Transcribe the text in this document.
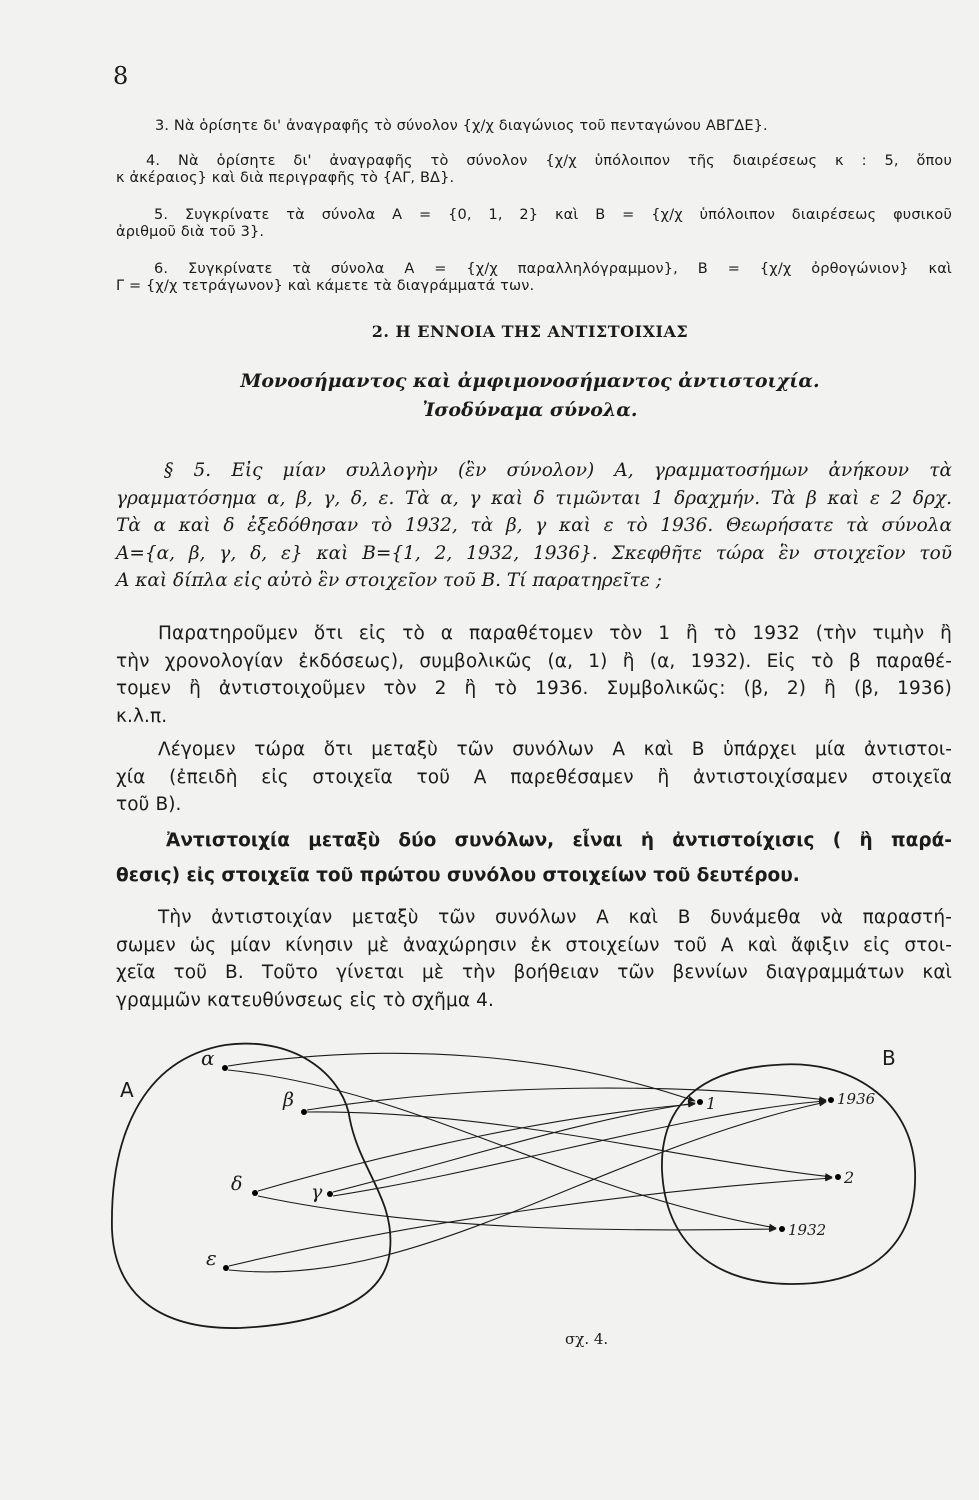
8
3. Νὰ ὁρίσητε δι' ἀναγραφῆς τὸ σύνολον {χ/χ διαγώνιος τοῦ πενταγώνου ΑΒΓΔΕ}.
4. Νὰ ὁρίσητε δι' ἀναγραφῆς τὸ σύνολον {χ/χ ὑπόλοιπον τῆς διαιρέσεως κ : 5, ὅπου
κ ἀκέραιος} καὶ διὰ περιγραφῆς τὸ {ΑΓ, ΒΔ}.
5. Συγκρίνατε τὰ σύνολα Α = {0, 1, 2} καὶ Β = {χ/χ ὑπόλοιπον διαιρέσεως φυσικοῦ
ἀριθμοῦ διὰ τοῦ 3}.
6. Συγκρίνατε τὰ σύνολα Α = {χ/χ παραλληλόγραμμον}, Β = {χ/χ ὀρθογώνιον} καὶ
Γ = {χ/χ τετράγωνον} καὶ κάμετε τὰ διαγράμματά των.
2. Η ΕΝΝΟΙΑ ΤΗΣ ΑΝΤΙΣΤΟΙΧΙΑΣ
Μονοσήμαντος καὶ ἀμφιμονοσήμαντος ἀντιστοιχία.
Ἰσοδύναμα σύνολα.
§ 5. Εἰς μίαν συλλογὴν (ἓν σύνολον) Α, γραμματοσήμων ἀνήκουν τὰ
γραμματόσημα α, β, γ, δ, ε. Τὰ α, γ καὶ δ τιμῶνται 1 δραχμήν. Τὰ β καὶ ε 2 δρχ.
Τὰ α καὶ δ ἐξεδόθησαν τὸ 1932, τὰ β, γ καὶ ε τὸ 1936. Θεωρήσατε τὰ σύνολα
Α={α, β, γ, δ, ε} καὶ Β={1, 2, 1932, 1936}. Σκεφθῆτε τώρα ἓν στοιχεῖον τοῦ
Α καὶ δίπλα εἰς αὐτὸ ἓν στοιχεῖον τοῦ Β. Τί παρατηρεῖτε ;
Παρατηροῦμεν ὅτι εἰς τὸ α παραθέτομεν τὸν 1 ἢ τὸ 1932 (τὴν τιμὴν ἢ
τὴν χρονολογίαν ἐκδόσεως), συμβολικῶς (α, 1) ἢ (α, 1932). Εἰς τὸ β παραθέ-
τομεν ἢ ἀντιστοιχοῦμεν τὸν 2 ἢ τὸ 1936. Συμβολικῶς: (β, 2) ἢ (β, 1936)
κ.λ.π.
Λέγομεν τώρα ὅτι μεταξὺ τῶν συνόλων Α καὶ Β ὑπάρχει μία ἀντιστοι-
χία (ἐπειδὴ εἰς στοιχεῖα τοῦ Α παρεθέσαμεν ἢ ἀντιστοιχίσαμεν στοιχεῖα
τοῦ Β).
Ἀντιστοιχία μεταξὺ δύο συνόλων, εἶναι ἡ ἀντιστοίχισις ( ἢ παρά-
θεσις) εἰς στοιχεῖα τοῦ πρώτου συνόλου στοιχείων τοῦ δευτέρου.
Τὴν ἀντιστοιχίαν μεταξὺ τῶν συνόλων Α καὶ Β δυνάμεθα νὰ παραστή-
σωμεν ὡς μίαν κίνησιν μὲ ἀναχώρησιν ἐκ στοιχείων τοῦ Α καὶ ἄφιξιν εἰς στοι-
χεῖα τοῦ Β. Τοῦτο γίνεται μὲ τὴν βοήθειαν τῶν βεννίων διαγραμμάτων καὶ
γραμμῶν κατευθύνσεως εἰς τὸ σχῆμα 4.
Α
Β
α
β
γ
δ
ε
1	1936
2
1932
σχ. 4.
